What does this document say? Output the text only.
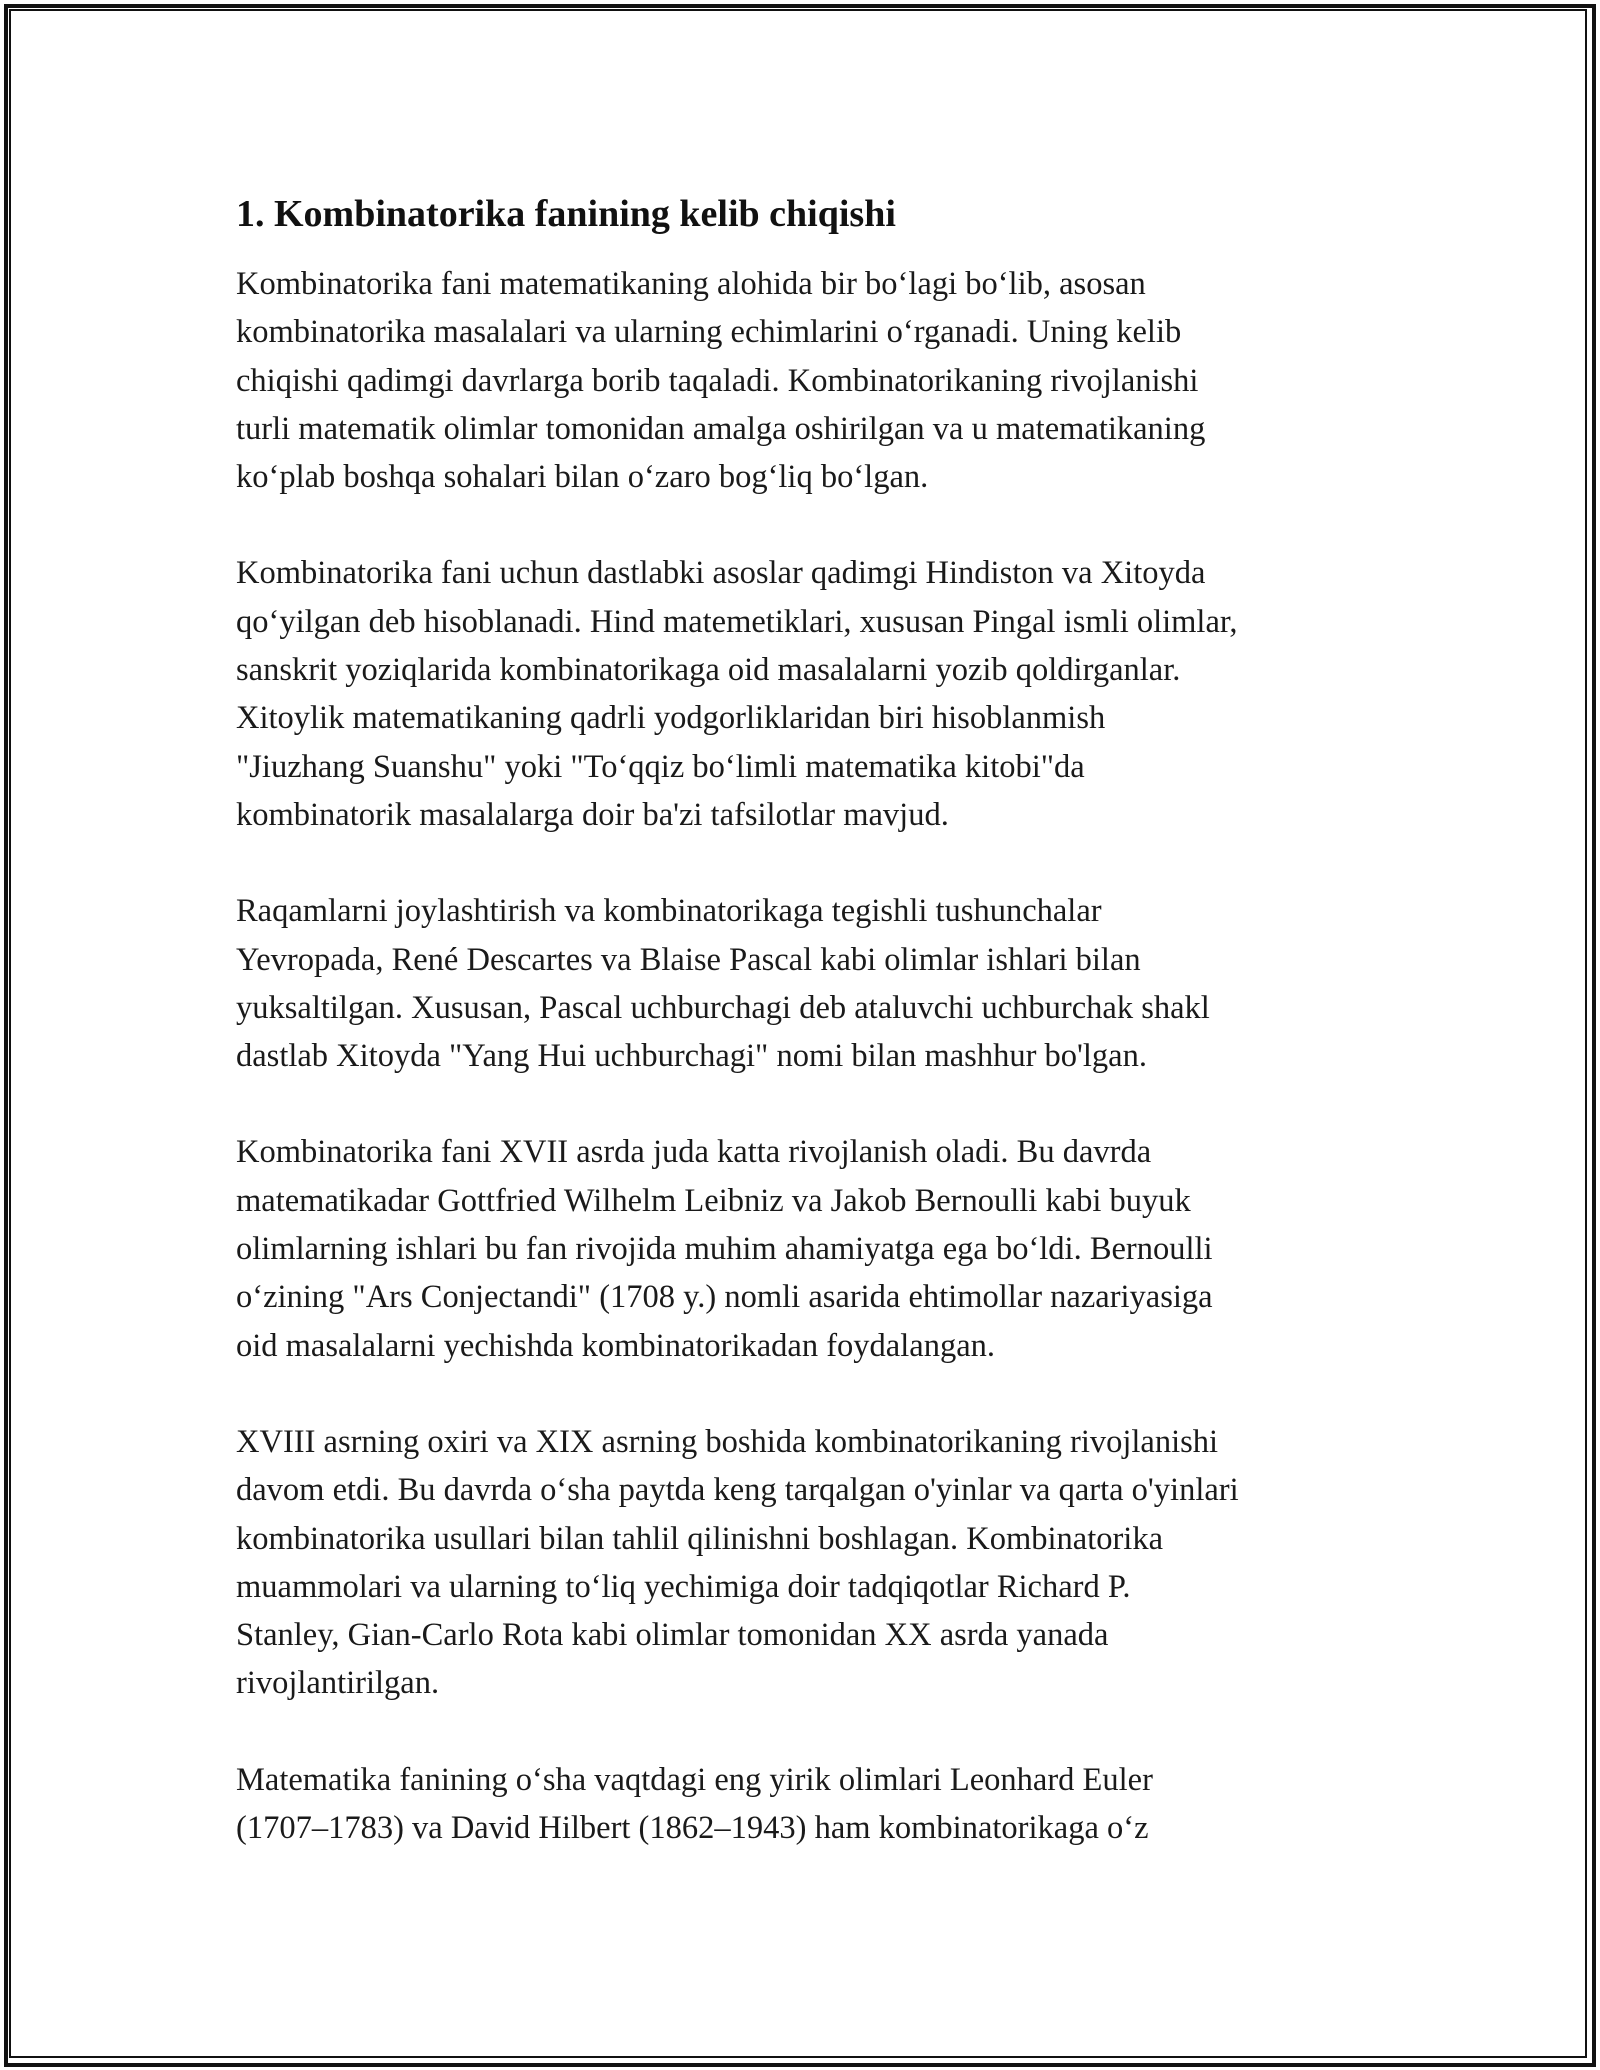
1. Kombinatorika fanining kelib chiqishi

Kombinatorika fani matematikaning alohida bir bo‘lagi bo‘lib, asosan
kombinatorika masalalari va ularning echimlarini o‘rganadi. Uning kelib
chiqishi qadimgi davrlarga borib taqaladi. Kombinatorikaning rivojlanishi
turli matematik olimlar tomonidan amalga oshirilgan va u matematikaning
ko‘plab boshqa sohalari bilan o‘zaro bog‘liq bo‘lgan.

Kombinatorika fani uchun dastlabki asoslar qadimgi Hindiston va Xitoyda
qo‘yilgan deb hisoblanadi. Hind matemetiklari, xususan Pingal ismli olimlar,
sanskrit yoziqlarida kombinatorikaga oid masalalarni yozib qoldirganlar.
Xitoylik matematikaning qadrli yodgorliklaridan biri hisoblanmish
"Jiuzhang Suanshu" yoki "To‘qqiz bo‘limli matematika kitobi"da
kombinatorik masalalarga doir ba'zi tafsilotlar mavjud.

Raqamlarni joylashtirish va kombinatorikaga tegishli tushunchalar
Yevropada, René Descartes va Blaise Pascal kabi olimlar ishlari bilan
yuksaltilgan. Xususan, Pascal uchburchagi deb ataluvchi uchburchak shakl
dastlab Xitoyda "Yang Hui uchburchagi" nomi bilan mashhur bo'lgan.

Kombinatorika fani XVII asrda juda katta rivojlanish oladi. Bu davrda
matematikadar Gottfried Wilhelm Leibniz va Jakob Bernoulli kabi buyuk
olimlarning ishlari bu fan rivojida muhim ahamiyatga ega bo‘ldi. Bernoulli
o‘zining "Ars Conjectandi" (1708 y.) nomli asarida ehtimollar nazariyasiga
oid masalalarni yechishda kombinatorikadan foydalangan.

XVIII asrning oxiri va XIX asrning boshida kombinatorikaning rivojlanishi
davom etdi. Bu davrda o‘sha paytda keng tarqalgan o'yinlar va qarta o'yinlari
kombinatorika usullari bilan tahlil qilinishni boshlagan. Kombinatorika
muammolari va ularning to‘liq yechimiga doir tadqiqotlar Richard P.
Stanley, Gian-Carlo Rota kabi olimlar tomonidan XX asrda yanada
rivojlantirilgan.

Matematika fanining o‘sha vaqtdagi eng yirik olimlari Leonhard Euler
(1707–1783) va David Hilbert (1862–1943) ham kombinatorikaga o‘z
